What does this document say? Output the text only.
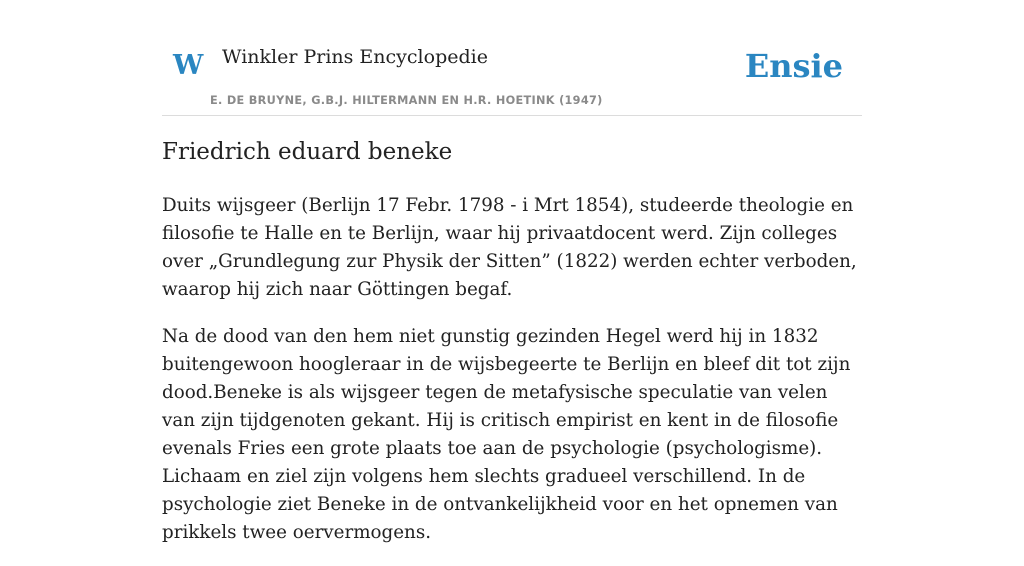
W Winkler Prins Encyclopedie
E. DE BRUYNE, G.B.J. HILTERMANN EN H.R. HOETINK (1947)
Ensie
Friedrich eduard beneke

Duits wijsgeer (Berlijn 17 Febr. 1798 - i Mrt 1854), studeerde theologie en filosofie te Halle en te Berlijn, waar hij privaatdocent werd. Zijn colleges over „Grundlegung zur Physik der Sitten” (1822) werden echter verboden, waarop hij zich naar Göttingen begaf.

Na de dood van den hem niet gunstig gezinden Hegel werd hij in 1832 buitengewoon hoogleraar in de wijsbegeerte te Berlijn en bleef dit tot zijn dood.Beneke is als wijsgeer tegen de metafysische speculatie van velen van zijn tijdgenoten gekant. Hij is critisch empirist en kent in de filosofie evenals Fries een grote plaats toe aan de psychologie (psychologisme). Lichaam en ziel zijn volgens hem slechts gradueel verschillend. In de psychologie ziet Beneke in de ontvankelijkheid voor en het opnemen van prikkels twee oervermogens.
